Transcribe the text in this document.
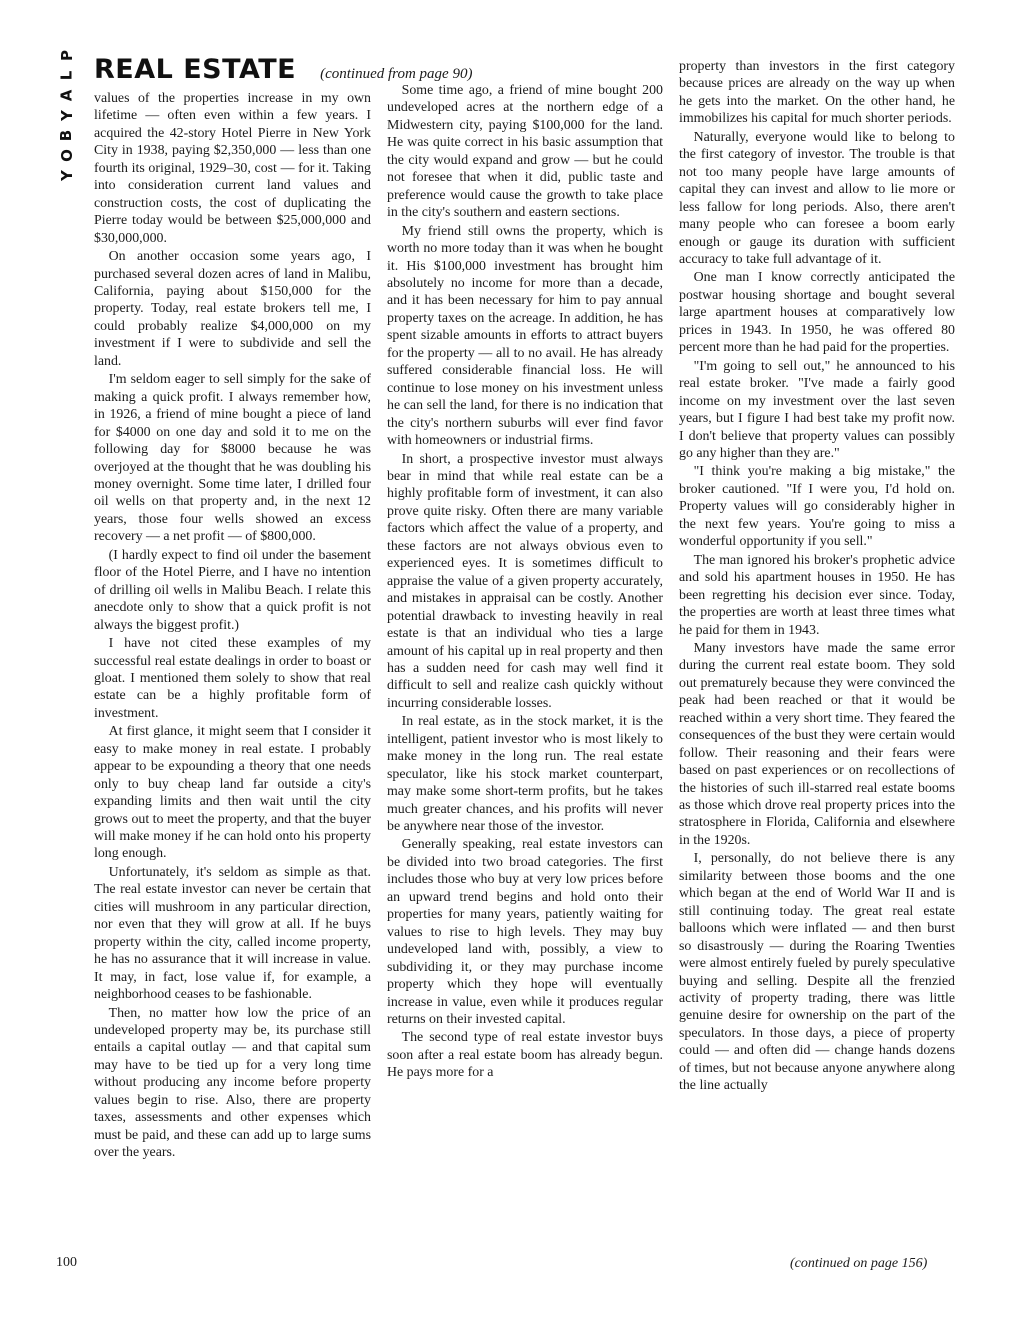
P
L
A
Y
B
O
Y
REAL ESTATE (continued from page 90)

values of the properties increase in my own lifetime — often even within a few years. I acquired the 42-story Hotel Pierre in New York City in 1938, paying $2,350,000 — less than one fourth its original, 1929–30, cost — for it. Taking into consideration current land values and construction costs, the cost of duplicating the Pierre today would be between $25,000,000 and $30,000,000.

On another occasion some years ago, I purchased several dozen acres of land in Malibu, California, paying about $150,000 for the property. Today, real estate brokers tell me, I could probably realize $4,000,000 on my investment if I were to subdivide and sell the land.

I'm seldom eager to sell simply for the sake of making a quick profit. I always remember how, in 1926, a friend of mine bought a piece of land for $4000 on one day and sold it to me on the following day for $8000 because he was overjoyed at the thought that he was doubling his money overnight. Some time later, I drilled four oil wells on that property and, in the next 12 years, those four wells showed an excess recovery — a net profit — of $800,000.

(I hardly expect to find oil under the basement floor of the Hotel Pierre, and I have no intention of drilling oil wells in Malibu Beach. I relate this anecdote only to show that a quick profit is not always the biggest profit.)

I have not cited these examples of my successful real estate dealings in order to boast or gloat. I mentioned them solely to show that real estate can be a highly profitable form of investment.

At first glance, it might seem that I consider it easy to make money in real estate. I probably appear to be expounding a theory that one needs only to buy cheap land far outside a city's expanding limits and then wait until the city grows out to meet the property, and that the buyer will make money if he can hold onto his property long enough.

Unfortunately, it's seldom as simple as that. The real estate investor can never be certain that cities will mushroom in any particular direction, nor even that they will grow at all. If he buys property within the city, called income property, he has no assurance that it will increase in value. It may, in fact, lose value if, for example, a neighborhood ceases to be fashionable.

Then, no matter how low the price of an undeveloped property may be, its purchase still entails a capital outlay — and that capital sum may have to be tied up for a very long time without producing any income before property values begin to rise. Also, there are property taxes, assessments and other expenses which must be paid, and these can add up to large sums over the years.

Some time ago, a friend of mine bought 200 undeveloped acres at the northern edge of a Midwestern city, paying $100,000 for the land. He was quite correct in his basic assumption that the city would expand and grow — but he could not foresee that when it did, public taste and preference would cause the growth to take place in the city's southern and eastern sections.

My friend still owns the property, which is worth no more today than it was when he bought it. His $100,000 investment has brought him absolutely no income for more than a decade, and it has been necessary for him to pay annual property taxes on the acreage. In addition, he has spent sizable amounts in efforts to attract buyers for the property — all to no avail. He has already suffered considerable financial loss. He will continue to lose money on his investment unless he can sell the land, for there is no indication that the city's northern suburbs will ever find favor with homeowners or industrial firms.

In short, a prospective investor must always bear in mind that while real estate can be a highly profitable form of investment, it can also prove quite risky. Often there are many variable factors which affect the value of a property, and these factors are not always obvious even to experienced eyes. It is sometimes difficult to appraise the value of a given property accurately, and mistakes in appraisal can be costly. Another potential drawback to investing heavily in real estate is that an individual who ties a large amount of his capital up in real property and then has a sudden need for cash may well find it difficult to sell and realize cash quickly without incurring considerable losses.

In real estate, as in the stock market, it is the intelligent, patient investor who is most likely to make money in the long run. The real estate speculator, like his stock market counterpart, may make some short-term profits, but he takes much greater chances, and his profits will never be anywhere near those of the investor.

Generally speaking, real estate investors can be divided into two broad categories. The first includes those who buy at very low prices before an upward trend begins and hold onto their properties for many years, patiently waiting for values to rise to high levels. They may buy undeveloped land with, possibly, a view to subdividing it, or they may purchase income property which they hope will eventually increase in value, even while it produces regular returns on their invested capital.

The second type of real estate investor buys soon after a real estate boom has already begun. He pays more for a

property than investors in the first category because prices are already on the way up when he gets into the market. On the other hand, he immobilizes his capital for much shorter periods.

Naturally, everyone would like to belong to the first category of investor. The trouble is that not too many people have large amounts of capital they can invest and allow to lie more or less fallow for long periods. Also, there aren't many people who can foresee a boom early enough or gauge its duration with sufficient accuracy to take full advantage of it.

One man I know correctly anticipated the postwar housing shortage and bought several large apartment houses at comparatively low prices in 1943. In 1950, he was offered 80 percent more than he had paid for the properties.

"I'm going to sell out," he announced to his real estate broker. "I've made a fairly good income on my investment over the last seven years, but I figure I had best take my profit now. I don't believe that property values can possibly go any higher than they are."

"I think you're making a big mistake," the broker cautioned. "If I were you, I'd hold on. Property values will go considerably higher in the next few years. You're going to miss a wonderful opportunity if you sell."

The man ignored his broker's prophetic advice and sold his apartment houses in 1950. He has been regretting his decision ever since. Today, the properties are worth at least three times what he paid for them in 1943.

Many investors have made the same error during the current real estate boom. They sold out prematurely because they were convinced the peak had been reached or that it would be reached within a very short time. They feared the consequences of the bust they were certain would follow. Their reasoning and their fears were based on past experiences or on recollections of the histories of such ill-starred real estate booms as those which drove real property prices into the stratosphere in Florida, California and elsewhere in the 1920s.

I, personally, do not believe there is any similarity between those booms and the one which began at the end of World War II and is still continuing today. The great real estate balloons which were inflated — and then burst so disastrously — during the Roaring Twenties were almost entirely fueled by purely speculative buying and selling. Despite all the frenzied activity of property trading, there was little genuine desire for ownership on the part of the speculators. In those days, a piece of property could — and often did — change hands dozens of times, but not because anyone anywhere along the line actually

100	(continued on page 156)
